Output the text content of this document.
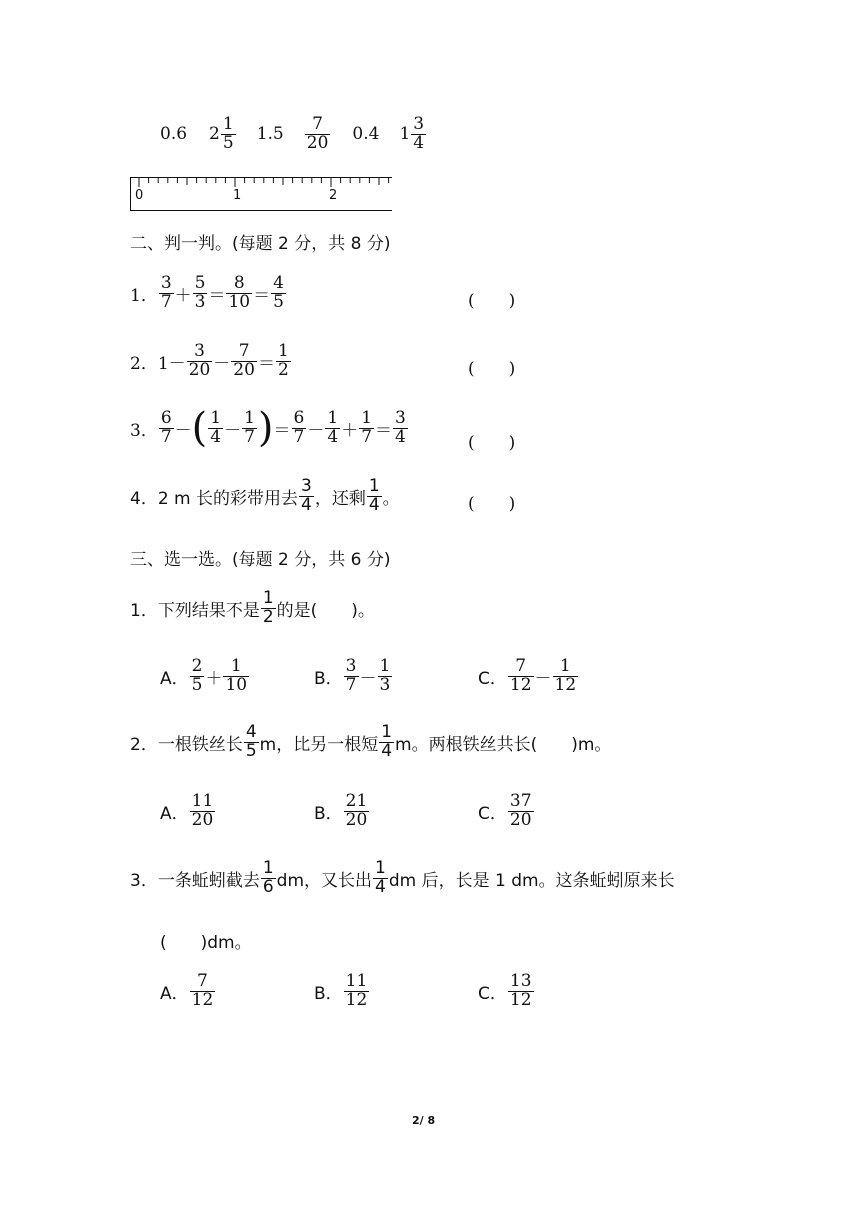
0.6 $2 \frac{1}{5} 1.5 \frac{7}{20} 0.4$ $1 \frac{3}{4}$
0	1	2
二、判一判。(每题 2 分，共 8 分)
1． $\frac{3}{7} + \frac{5}{3} = \frac{8}{10} = \frac{4}{5}$	(　　)
2． $1- \frac{3}{20} - \frac{7}{20} = \frac{1}{2}$	(　　)
3． $\frac{6}{7}$ － ( $\frac{1}{4} - \frac{1}{7}$ ) ＝ $\frac{6}{7} - \frac{1}{4} + \frac{1}{7} = \frac{3}{4}$	(　　)
4． 2 m 长的彩带用去 $\frac{3}{4}$ ，还剩 $\frac{1}{4}$ 。	(　　)
三、选一选。(每题 2 分，共 6 分)
1． 下列结果不是 $\frac{1}{2}$ 的是(　　)。
A． $\frac{2}{5} + \frac{1}{10}$	B． $\frac{3}{7} - \frac{1}{3}$	C． $\frac{7}{12} - \frac{1}{12}$
2． 一根铁丝长 $\frac{4}{5}$ m，比另一根短 $\frac{1}{4}$ m。两根铁丝共长(　　)m。
A． $\frac{11}{20}$	B． $\frac{21}{20}$	C． $\frac{37}{20}$
3． 一条蚯蚓截去 $\frac{1}{6}$ dm，又长出 $\frac{1}{4}$ dm 后，长是 1 dm。这条蚯蚓原来长
(　　)dm。
A． $\frac{7}{12}$	B． $\frac{11}{12}$	C． $\frac{13}{12}$
2/ 8
